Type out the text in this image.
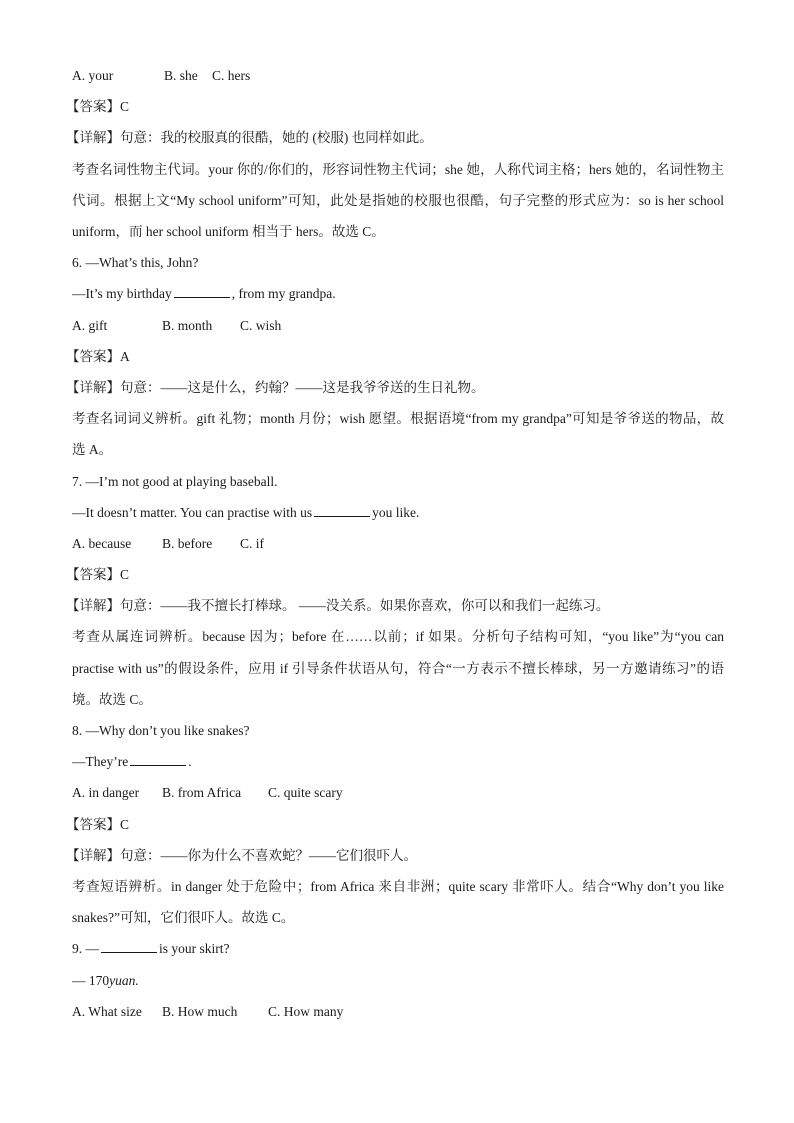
A. your	B. she C. hers
【答案】C
【详解】句意：我的校服真的很酷，她的 (校服) 也同样如此。
考查名词性物主代词。your 你的/你们的，形容词性物主代词；she 她，人称代词主格；hers 她的，名词性物主代词。根据上文“My school uniform”可知，此处是指她的校服也很酷，句子完整的形式应为：so is her school uniform，而 her school uniform 相当于 hers。故选 C。
6. —What’s this, John?
—It’s my birthday	, from my grandpa.
A. gift	B. month C. wish
【答案】A
【详解】句意：——这是什么，约翰？——这是我爷爷送的生日礼物。
考查名词词义辨析。gift 礼物；month 月份；wish 愿望。根据语境“from my grandpa”可知是爷爷送的物品，故选 A。
7. —I’m not good at playing baseball.
—It doesn’t matter. You can practise with us	you like.
A. because B. before C. if
【答案】C
【详解】句意：——我不擅长打棒球。 ——没关系。如果你喜欢，你可以和我们一起练习。
考查从属连词辨析。because 因为；before 在……以前；if 如果。分析句子结构可知，“you like”为“you can practise with us”的假设条件，应用 if 引导条件状语从句，符合“一方表示不擅长棒球，另一方邀请练习”的语境。故选 C。
8. —Why don’t you like snakes?
—They’re	.
A. in danger B. from Africa C. quite scary
【答案】C
【详解】句意：——你为什么不喜欢蛇？——它们很吓人。
考查短语辨析。in danger 处于危险中；from Africa 来自非洲；quite scary 非常吓人。结合“Why don’t you like snakes?”可知，它们很吓人。故选 C。
9. —	is your skirt?
— 170yuan.
A. What size B. How much C. How many
